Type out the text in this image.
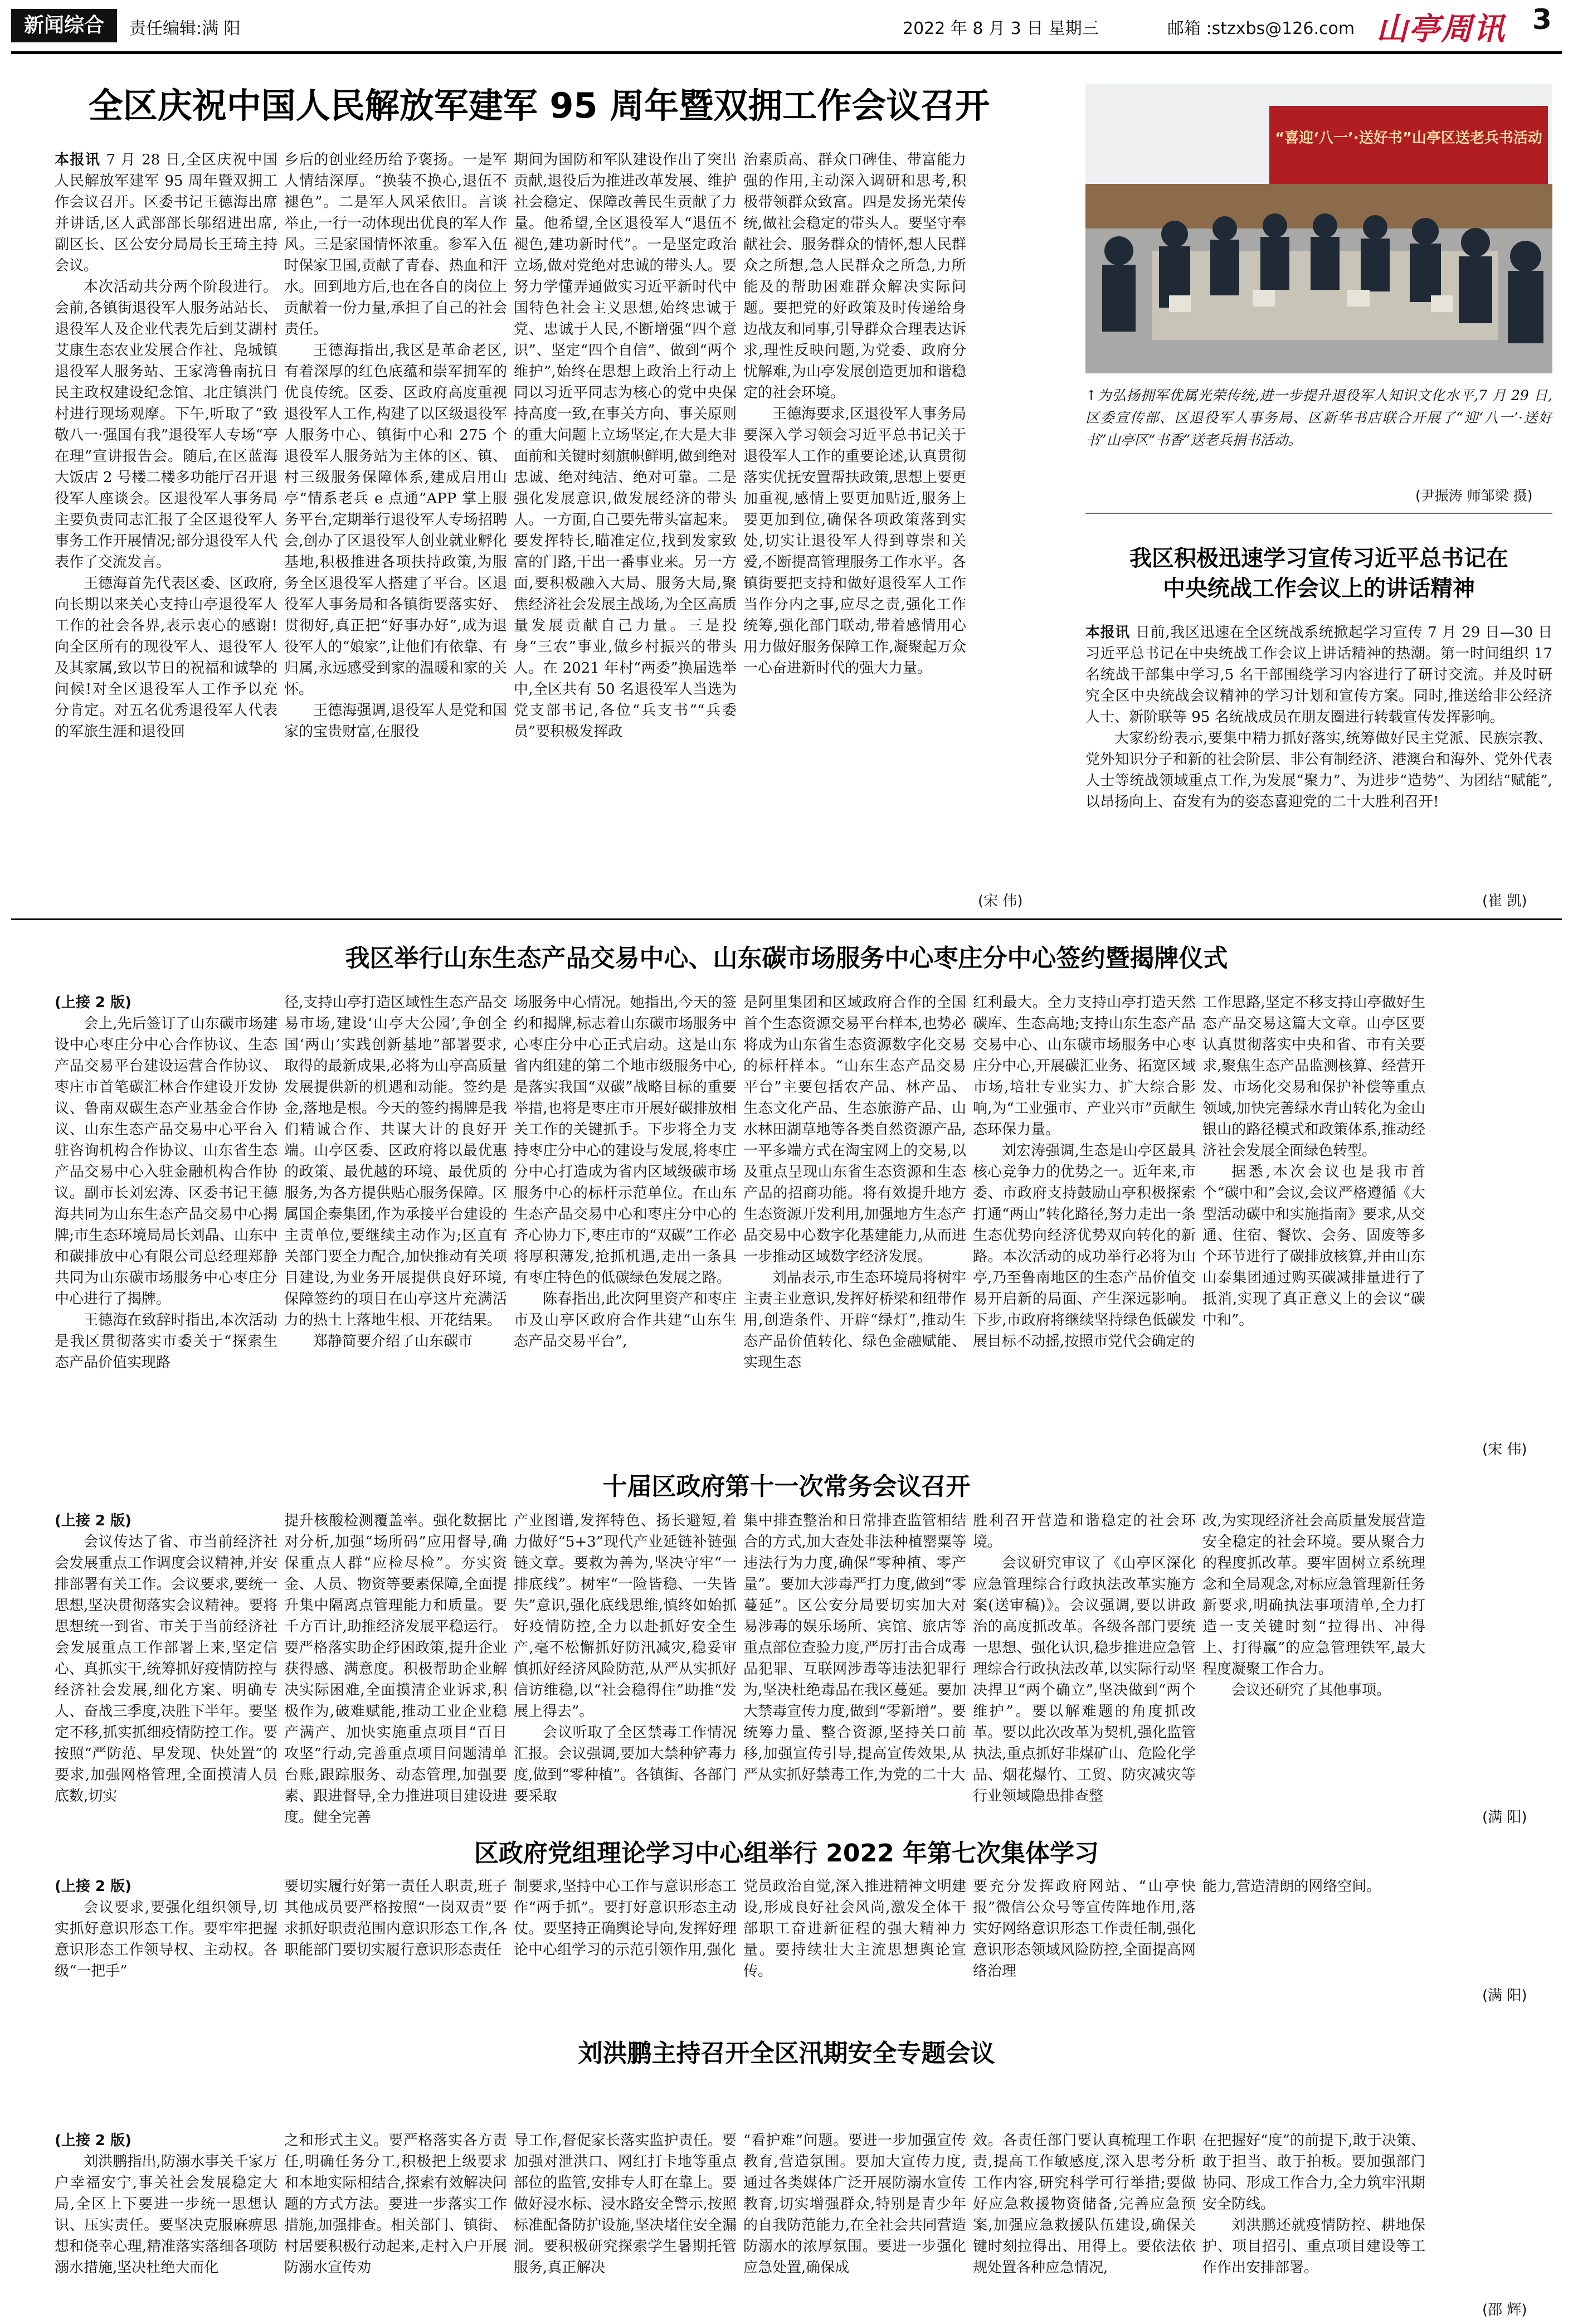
新闻综合	责任编辑:满 阳	2022 年 8 月 3 日 星期三	邮箱 :stzxbs@126.com 山亭周讯 3
全区庆祝中国人民解放军建军 95 周年暨双拥工作会议召开

本报讯 7 月 28 日,全区庆祝中国人民解放军建军 95 周年暨双拥工作会议召开。区委书记王德海出席并讲话,区人武部部长邬绍进出席,副区长、区公安分局局长王琦主持会议。

本次活动共分两个阶段进行。会前,各镇街退役军人服务站站长、退役军人及企业代表先后到艾湖村艾康生态农业发展合作社、凫城镇退役军人服务站、王家湾鲁南抗日民主政权建设纪念馆、北庄镇洪门村进行现场观摩。下午,听取了“致敬八一·强国有我”退役军人专场“亭在理”宣讲报告会。随后,在区蓝海大饭店 2 号楼二楼多功能厅召开退役军人座谈会。区退役军人事务局主要负责同志汇报了全区退役军人事务工作开展情况;部分退役军人代表作了交流发言。

王德海首先代表区委、区政府,向长期以来关心支持山亭退役军人工作的社会各界,表示衷心的感谢!向全区所有的现役军人、退役军人及其家属,致以节日的祝福和诚挚的问候!对全区退役军人工作予以充分肯定。对五名优秀退役军人代表的军旅生涯和退役回

乡后的创业经历给予褒扬。一是军人情结深厚。“换装不换心,退伍不褪色”。二是军人风采依旧。言谈举止,一行一动体现出优良的军人作风。三是家国情怀浓重。参军入伍时保家卫国,贡献了青春、热血和汗水。回到地方后,也在各自的岗位上贡献着一份力量,承担了自己的社会责任。

王德海指出,我区是革命老区,有着深厚的红色底蕴和崇军拥军的优良传统。区委、区政府高度重视退役军人工作,构建了以区级退役军人服务中心、镇街中心和 275 个退役军人服务站为主体的区、镇、村三级服务保障体系,建成启用山亭“情系老兵 e 点通”APP 掌上服务平台,定期举行退役军人专场招聘会,创办了区退役军人创业就业孵化基地,积极推进各项扶持政策,为服务全区退役军人搭建了平台。区退役军人事务局和各镇街要落实好、贯彻好,真正把“好事办好”,成为退役军人的“娘家”,让他们有依靠、有归属,永远感受到家的温暖和家的关怀。

王德海强调,退役军人是党和国家的宝贵财富,在服役

期间为国防和军队建设作出了突出贡献,退役后为推进改革发展、维护社会稳定、保障改善民生贡献了力量。他希望,全区退役军人“退伍不褪色,建功新时代”。一是坚定政治立场,做对党绝对忠诚的带头人。要努力学懂弄通做实习近平新时代中国特色社会主义思想,始终忠诚于党、忠诚于人民,不断增强“四个意识”、坚定“四个自信”、做到“两个维护”,始终在思想上政治上行动上同以习近平同志为核心的党中央保持高度一致,在事关方向、事关原则的重大问题上立场坚定,在大是大非面前和关键时刻旗帜鲜明,做到绝对忠诚、绝对纯洁、绝对可靠。二是强化发展意识,做发展经济的带头人。一方面,自己要先带头富起来。要发挥特长,瞄准定位,找到发家致富的门路,干出一番事业来。另一方面,要积极融入大局、服务大局,聚焦经济社会发展主战场,为全区高质量发展贡献自己力量。三是投身“三农”事业,做乡村振兴的带头人。在 2021 年村“两委”换届选举中,全区共有 50 名退役军人当选为党支部书记,各位“兵支书”“兵委员”要积极发挥政

治素质高、群众口碑佳、带富能力强的作用,主动深入调研和思考,积极带领群众致富。四是发扬光荣传统,做社会稳定的带头人。要坚守奉献社会、服务群众的情怀,想人民群众之所想,急人民群众之所急,力所能及的帮助困难群众解决实际问题。要把党的好政策及时传递给身边战友和同事,引导群众合理表达诉求,理性反映问题,为党委、政府分忧解难,为山亭发展创造更加和谐稳定的社会环境。

王德海要求,区退役军人事务局要深入学习领会习近平总书记关于退役军人工作的重要论述,认真贯彻落实优抚安置帮扶政策,思想上要更加重视,感情上要更加贴近,服务上要更加到位,确保各项政策落到实处,切实让退役军人得到尊崇和关爱,不断提高管理服务工作水平。各镇街要把支持和做好退役军人工作当作分内之事,应尽之责,强化工作统筹,强化部门联动,带着感情用心用力做好服务保障工作,凝聚起万众一心奋进新时代的强大力量。

(宋 伟)
“喜迎‘八一’·送好书”山亭区送老兵书活动

↑为弘扬拥军优属光荣传统,进一步提升退役军人知识文化水平,7 月 29 日,区委宣传部、区退役军人事务局、区新华书店联合开展了“迎‘八一’·送好书”山亭区“书香”送老兵捐书活动。

(尹振涛 师邹梁 摄)
我区积极迅速学习宣传习近平总书记在
中央统战工作会议上的讲话精神

本报讯 日前,我区迅速在全区统战系统掀起学习宣传 7 月 29 日—30 日习近平总书记在中央统战工作会议上讲话精神的热潮。第一时间组织 17 名统战干部集中学习,5 名干部围绕学习内容进行了研讨交流。并及时研究全区中央统战会议精神的学习计划和宣传方案。同时,推送给非公经济人士、新阶联等 95 名统战成员在朋友圈进行转载宣传发挥影响。

大家纷纷表示,要集中精力抓好落实,统筹做好民主党派、民族宗教、党外知识分子和新的社会阶层、非公有制经济、港澳台和海外、党外代表人士等统战领域重点工作,为发展“聚力”、为进步“造势”、为团结“赋能”,以昂扬向上、奋发有为的姿态喜迎党的二十大胜利召开!

(崔 凯)
我区举行山东生态产品交易中心、山东碳市场服务中心枣庄分中心签约暨揭牌仪式
(上接 2 版)

会上,先后签订了山东碳市场建设中心枣庄分中心合作协议、生态产品交易平台建设运营合作协议、枣庄市首笔碳汇林合作建设开发协议、鲁南双碳生态产业基金合作协议、山东生态产品交易中心平台入驻咨询机构合作协议、山东省生态产品交易中心入驻金融机构合作协议。副市长刘宏涛、区委书记王德海共同为山东生态产品交易中心揭牌;市生态环境局局长刘晶、山东中和碳排放中心有限公司总经理郑静共同为山东碳市场服务中心枣庄分中心进行了揭牌。

王德海在致辞时指出,本次活动是我区贯彻落实市委关于“探索生态产品价值实现路

径,支持山亭打造区域性生态产品交易市场,建设‘山亭大公园’,争创全国‘两山’实践创新基地”部署要求,取得的最新成果,必将为山亭高质量发展提供新的机遇和动能。签约是金,落地是根。今天的签约揭牌是我们精诚合作、共谋大计的良好开端。山亭区委、区政府将以最优惠的政策、最优越的环境、最优质的服务,为各方提供贴心服务保障。区属国企泰集团,作为承接平台建设的主责单位,要继续主动作为;区直有关部门要全力配合,加快推动有关项目建设,为业务开展提供良好环境,保障签约的项目在山亭这片充满活力的热土上落地生根、开花结果。

郑静简要介绍了山东碳市

场服务中心情况。她指出,今天的签约和揭牌,标志着山东碳市场服务中心枣庄分中心正式启动。这是山东省内组建的第二个地市级服务中心,是落实我国“双碳”战略目标的重要举措,也将是枣庄市开展好碳排放相关工作的关键抓手。下步将全力支持枣庄分中心的建设与发展,将枣庄分中心打造成为省内区域级碳市场服务中心的标杆示范单位。在山东生态产品交易中心和枣庄分中心的齐心协力下,枣庄市的“双碳”工作必将厚积薄发,抢抓机遇,走出一条具有枣庄特色的低碳绿色发展之路。

陈春指出,此次阿里资产和枣庄市及山亭区政府合作共建“山东生态产品交易平台”,

是阿里集团和区域政府合作的全国首个生态资源交易平台样本,也势必将成为山东省生态资源数字化交易的标杆样本。“山东生态产品交易平台”主要包括农产品、林产品、生态文化产品、生态旅游产品、山水林田湖草地等各类自然资源产品,一平多端方式在淘宝网上的交易,以及重点呈现山东省生态资源和生态产品的招商功能。将有效提升地方生态资源开发利用,加强地方生态产品交易中心数字化基建能力,从而进一步推动区域数字经济发展。

刘晶表示,市生态环境局将树牢主责主业意识,发挥好桥梁和纽带作用,创造条件、开辟“绿灯”,推动生态产品价值转化、绿色金融赋能、实现生态

红利最大。全力支持山亭打造天然碳库、生态高地;支持山东生态产品交易中心、山东碳市场服务中心枣庄分中心,开展碳汇业务、拓宽区域市场,培壮专业实力、扩大综合影响,为“工业强市、产业兴市”贡献生态环保力量。

刘宏涛强调,生态是山亭区最具核心竞争力的优势之一。近年来,市委、市政府支持鼓励山亭积极探索打通“两山”转化路径,努力走出一条生态优势向经济优势双向转化的新路。本次活动的成功举行必将为山亭,乃至鲁南地区的生态产品价值交易开启新的局面、产生深远影响。下步,市政府将继续坚持绿色低碳发展目标不动摇,按照市党代会确定的

工作思路,坚定不移支持山亭做好生态产品交易这篇大文章。山亭区要认真贯彻落实中央和省、市有关要求,聚焦生态产品监测核算、经营开发、市场化交易和保护补偿等重点领域,加快完善绿水青山转化为金山银山的路径模式和政策体系,推动经济社会发展全面绿色转型。

据悉,本次会议也是我市首个“碳中和”会议,会议严格遵循《大型活动碳中和实施指南》要求,从交通、住宿、餐饮、会务、固废等多个环节进行了碳排放核算,并由山东山泰集团通过购买碳减排量进行了抵消,实现了真正意义上的会议“碳中和”。

(宋 伟)
十届区政府第十一次常务会议召开
(上接 2 版)

会议传达了省、市当前经济社会发展重点工作调度会议精神,并安排部署有关工作。会议要求,要统一思想,坚决贯彻落实会议精神。要将思想统一到省、市关于当前经济社会发展重点工作部署上来,坚定信心、真抓实干,统筹抓好疫情防控与经济社会发展,细化方案、明确专人、奋战三季度,决胜下半年。要坚定不移,抓实抓细疫情防控工作。要按照“严防范、早发现、快处置”的要求,加强网格管理,全面摸清人员底数,切实

提升核酸检测覆盖率。强化数据比对分析,加强“场所码”应用督导,确保重点人群“应检尽检”。夯实资金、人员、物资等要素保障,全面提升集中隔离点管理能力和质量。要千方百计,助推经济发展平稳运行。要严格落实助企纾困政策,提升企业获得感、满意度。积极帮助企业解决实际困难,全面摸清企业诉求,积极作为,破难赋能,推动工业企业稳产满产、加快实施重点项目“百日攻坚”行动,完善重点项目问题清单台账,跟踪服务、动态管理,加强要素、跟进督导,全力推进项目建设进度。健全完善

产业图谱,发挥特色、扬长避短,着力做好“5+3”现代产业延链补链强链文章。要救为善为,坚决守牢“一排底线”。树牢“一险皆稳、一失皆失”意识,强化底线思维,慎终如始抓好疫情防控,全力以赴抓好安全生产,毫不松懈抓好防汛减灾,稳妥审慎抓好经济风险防范,从严从实抓好信访维稳,以“社会稳得住”助推“发展上得去”。

会议听取了全区禁毒工作情况汇报。会议强调,要加大禁种铲毒力度,做到“零种植”。各镇街、各部门要采取

集中排查整治和日常排查监管相结合的方式,加大查处非法种植罂粟等违法行为力度,确保“零种植、零产量”。要加大涉毒严打力度,做到“零蔓延”。区公安分局要切实加大对易涉毒的娱乐场所、宾馆、旅店等重点部位查验力度,严厉打击合成毒品犯罪、互联网涉毒等违法犯罪行为,坚决杜绝毒品在我区蔓延。要加大禁毒宣传力度,做到“零新增”。要统筹力量、整合资源,坚持关口前移,加强宣传引导,提高宣传效果,从严从实抓好禁毒工作,为党的二十大

胜利召开营造和谐稳定的社会环境。

会议研究审议了《山亭区深化应急管理综合行政执法改革实施方案(送审稿)》。会议强调,要以讲政治的高度抓改革。各级各部门要统一思想、强化认识,稳步推进应急管理综合行政执法改革,以实际行动坚决捍卫“两个确立”,坚决做到“两个维护”。要以解难题的角度抓改革。要以此次改革为契机,强化监管执法,重点抓好非煤矿山、危险化学品、烟花爆竹、工贸、防灾减灾等行业领域隐患排查整

改,为实现经济社会高质量发展营造安全稳定的社会环境。要从聚合力的程度抓改革。要牢固树立系统理念和全局观念,对标应急管理新任务新要求,明确执法事项清单,全力打造一支关键时刻“拉得出、冲得上、打得赢”的应急管理铁军,最大程度凝聚工作合力。

会议还研究了其他事项。

(满 阳)
区政府党组理论学习中心组举行 2022 年第七次集体学习
(上接 2 版)

会议要求,要强化组织领导,切实抓好意识形态工作。要牢牢把握意识形态工作领导权、主动权。各级“一把手”

要切实履行好第一责任人职责,班子其他成员要严格按照“一岗双责”要求抓好职责范围内意识形态工作,各职能部门要切实履行意识形态责任

制要求,坚持中心工作与意识形态工作“两手抓”。要打好意识形态主动仗。要坚持正确舆论导向,发挥好理论中心组学习的示范引领作用,强化

党员政治自觉,深入推进精神文明建设,形成良好社会风尚,激发全体干部职工奋进新征程的强大精神力量。要持续壮大主流思想舆论宣传。

要充分发挥政府网站、“山亭快报”微信公众号等宣传阵地作用,落实好网络意识形态工作责任制,强化意识形态领域风险防控,全面提高网络治理

能力,营造清朗的网络空间。

(满 阳)
刘洪鹏主持召开全区汛期安全专题会议
(上接 2 版)

刘洪鹏指出,防溺水事关千家万户幸福安宁,事关社会发展稳定大局,全区上下要进一步统一思想认识、压实责任。要坚决克服麻痹思想和侥幸心理,精准落实落细各项防溺水措施,坚决杜绝大而化

之和形式主义。要严格落实各方责任,明确任务分工,积极把上级要求和本地实际相结合,探索有效解决问题的方式方法。要进一步落实工作措施,加强排查。相关部门、镇街、村居要积极行动起来,走村入户开展防溺水宣传劝

导工作,督促家长落实监护责任。要加强对泄洪口、网红打卡地等重点部位的监管,安排专人盯在靠上。要做好浸水标、浸水路安全警示,按照标准配备防护设施,坚决堵住安全漏洞。要积极研究探索学生暑期托管服务,真正解决

“看护难”问题。要进一步加强宣传教育,营造氛围。要加大宣传力度,通过各类媒体广泛开展防溺水宣传教育,切实增强群众,特别是青少年的自我防范能力,在全社会共同营造防溺水的浓厚氛围。要进一步强化应急处置,确保成

效。各责任部门要认真梳理工作职责,提高工作敏感度,深入思考分析工作内容,研究科学可行举措;要做好应急救援物资储备,完善应急预案,加强应急救援队伍建设,确保关键时刻拉得出、用得上。要依法依规处置各种应急情况,

在把握好“度”的前提下,敢于决策、敢于担当、敢于拍板。要加强部门协同、形成工作合力,全力筑牢汛期安全防线。

刘洪鹏还就疫情防控、耕地保护、项目招引、重点项目建设等工作作出安排部署。

(邵 辉)
